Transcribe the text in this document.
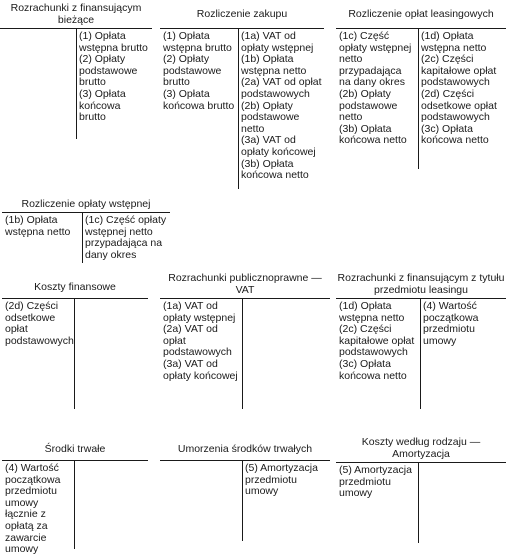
Rozrachunki z finansującym bieżące
(1) Opłata wstępna brutto
(2) Opłaty podstawowe brutto
(3) Opłata końcowa brutto
Rozliczenie zakupu
(1) Opłata wstępna brutto
(2) Opłaty podstawowe brutto
(3) Opłata końcowa brutto
(1a) VAT od opłaty wstępnej
(1b) Opłata wstępna netto
(2a) VAT od opłat podstawowych
(2b) Opłaty podstawowe netto
(3a) VAT od opłaty końcowej
(3b) Opłata końcowa netto
Rozliczenie opłat leasingowych
(1c) Część opłaty wstępnej netto przypadająca na dany okres
(2b) Opłaty podstawowe netto
(3b) Opłata końcowa netto
(1d) Opłata wstępna netto
(2c) Części kapitałowe opłat podstawowych
(2d) Części odsetkowe opłat podstawowych
(3c) Opłata końcowa netto
Rozliczenie opłaty wstępnej
(1b) Opłata wstępna netto
(1c) Część opłaty wstępnej netto przypadająca na dany okres
Koszty finansowe
(2d) Części odsetkowe opłat podstawowych
Rozrachunki publicznoprawne — VAT
(1a) VAT od opłaty wstępnej
(2a) VAT od opłat podstawowych
(3a) VAT od opłaty końcowej
Rozrachunki z finansującym z tytułu przedmiotu leasingu
(1d) Opłata wstępna netto
(2c) Części kapitałowe opłat podstawowych
(3c) Opłata końcowa netto
(4) Wartość początkowa przedmiotu umowy
Środki trwałe
(4) Wartość początkowa przedmiotu umowy łącznie z opłatą za zawarcie umowy
Umorzenia środków trwałych
(5) Amortyzacja przedmiotu umowy
Koszty według rodzaju — Amortyzacja
(5) Amortyzacja przedmiotu umowy
